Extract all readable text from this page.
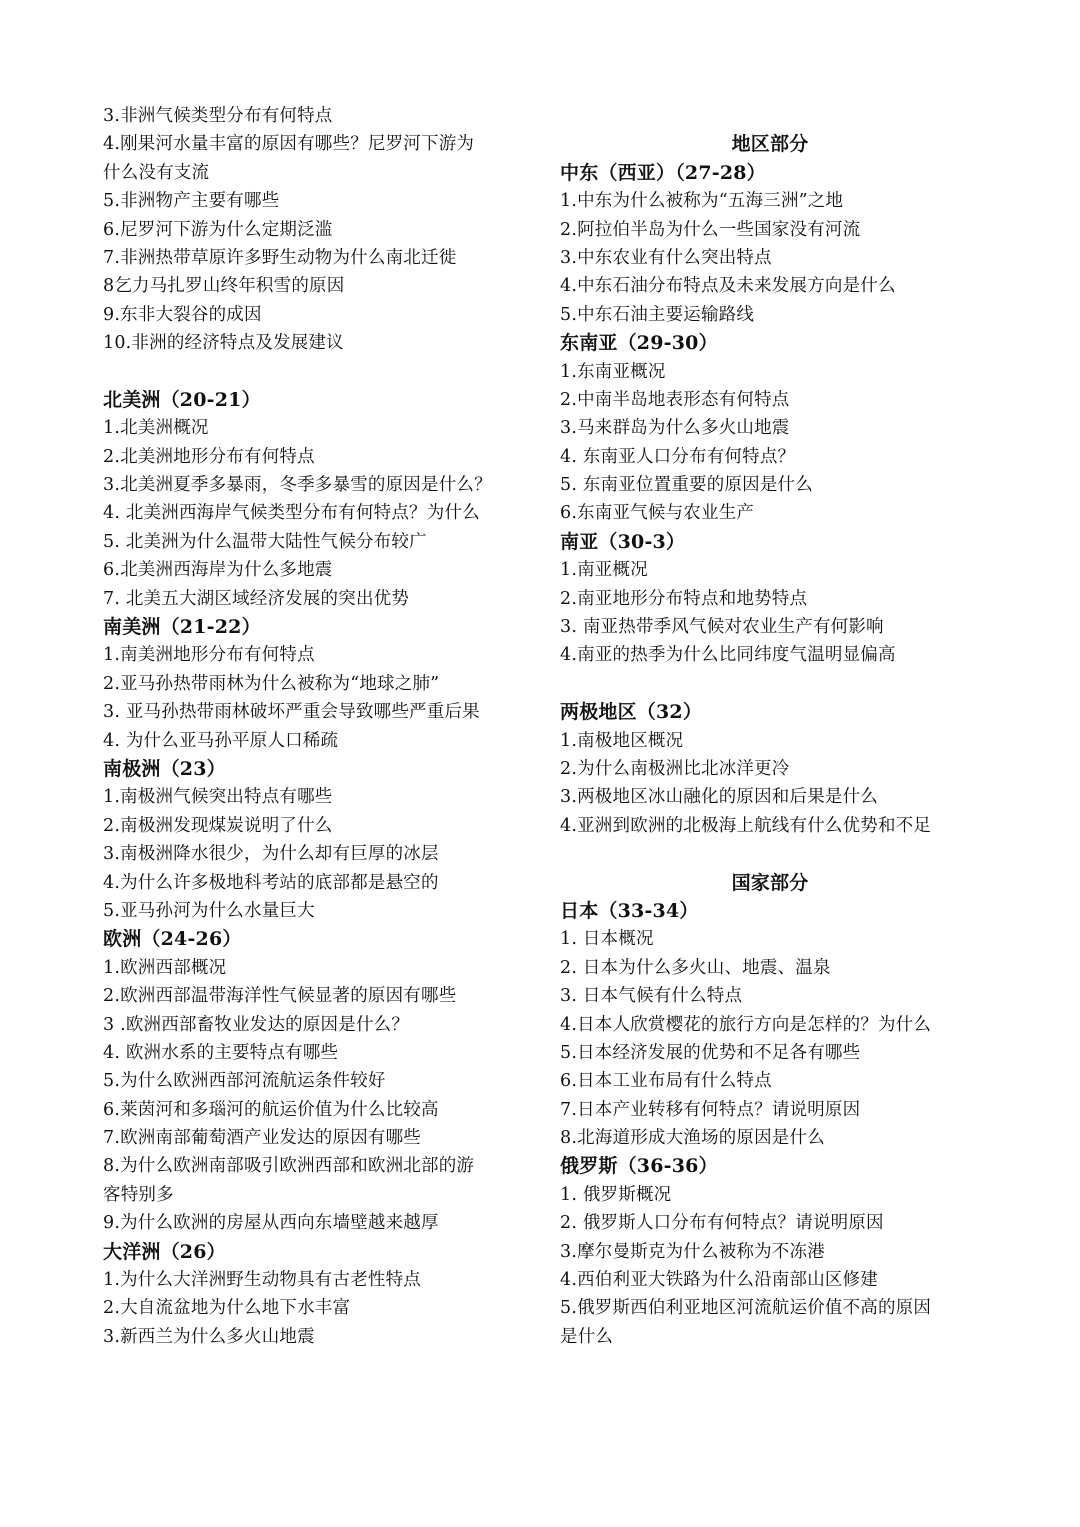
3.非洲气候类型分布有何特点
4.刚果河水量丰富的原因有哪些？尼罗河下游为
什么没有支流
5.非洲物产主要有哪些
6.尼罗河下游为什么定期泛滥
7.非洲热带草原许多野生动物为什么南北迁徙
8乞力马扎罗山终年积雪的原因
9.东非大裂谷的成因
10.非洲的经济特点及发展建议
北美洲（20-21）
1.北美洲概况
2.北美洲地形分布有何特点
3.北美洲夏季多暴雨，冬季多暴雪的原因是什么？
4. 北美洲西海岸气候类型分布有何特点？为什么
5. 北美洲为什么温带大陆性气候分布较广
6.北美洲西海岸为什么多地震
7. 北美五大湖区域经济发展的突出优势
南美洲（21-22）
1.南美洲地形分布有何特点
2.亚马孙热带雨林为什么被称为“地球之肺”
3. 亚马孙热带雨林破坏严重会导致哪些严重后果
4. 为什么亚马孙平原人口稀疏
南极洲（23）
1.南极洲气候突出特点有哪些
2.南极洲发现煤炭说明了什么
3.南极洲降水很少，为什么却有巨厚的冰层
4.为什么许多极地科考站的底部都是悬空的
5.亚马孙河为什么水量巨大
欧洲（24-26）
1.欧洲西部概况
2.欧洲西部温带海洋性气候显著的原因有哪些
3 .欧洲西部畜牧业发达的原因是什么？
4. 欧洲水系的主要特点有哪些
5.为什么欧洲西部河流航运条件较好
6.莱茵河和多瑙河的航运价值为什么比较高
7.欧洲南部葡萄酒产业发达的原因有哪些
8.为什么欧洲南部吸引欧洲西部和欧洲北部的游
客特别多
9.为什么欧洲的房屋从西向东墙壁越来越厚
大洋洲（26）
1.为什么大洋洲野生动物具有古老性特点
2.大自流盆地为什么地下水丰富
3.新西兰为什么多火山地震
地区部分
中东（西亚）（27-28）
1.中东为什么被称为“五海三洲”之地
2.阿拉伯半岛为什么一些国家没有河流
3.中东农业有什么突出特点
4.中东石油分布特点及未来发展方向是什么
5.中东石油主要运输路线
东南亚（29-30）
1.东南亚概况
2.中南半岛地表形态有何特点
3.马来群岛为什么多火山地震
4. 东南亚人口分布有何特点？
5. 东南亚位置重要的原因是什么
6.东南亚气候与农业生产
南亚（30-3）
1.南亚概况
2.南亚地形分布特点和地势特点
3. 南亚热带季风气候对农业生产有何影响
4.南亚的热季为什么比同纬度气温明显偏高
两极地区（32）
1.南极地区概况
2.为什么南极洲比北冰洋更冷
3.两极地区冰山融化的原因和后果是什么
4.亚洲到欧洲的北极海上航线有什么优势和不足
国家部分
日本（33-34）
1. 日本概况
2. 日本为什么多火山、地震、温泉
3. 日本气候有什么特点
4.日本人欣赏樱花的旅行方向是怎样的？为什么
5.日本经济发展的优势和不足各有哪些
6.日本工业布局有什么特点
7.日本产业转移有何特点？请说明原因
8.北海道形成大渔场的原因是什么
俄罗斯（36-36）
1. 俄罗斯概况
2. 俄罗斯人口分布有何特点？请说明原因
3.摩尔曼斯克为什么被称为不冻港
4.西伯利亚大铁路为什么沿南部山区修建
5.俄罗斯西伯利亚地区河流航运价值不高的原因
是什么
